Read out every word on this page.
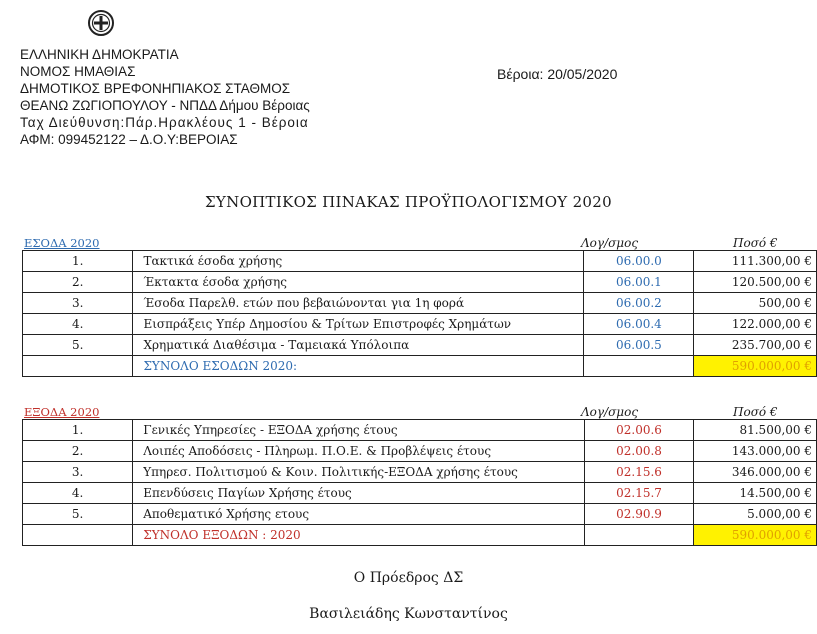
ΕΛΛΗΝΙΚΗ ΔΗΜΟΚΡΑΤΙΑ
ΝΟΜΟΣ ΗΜΑΘΙΑΣ
ΔΗΜΟΤΙΚΟΣ ΒΡΕΦΟΝΗΠΙΑΚΟΣ ΣΤΑΘΜΟΣ
ΘΕΑΝΩ ΖΩΓΙΟΠΟΥΛΟΥ - ΝΠΔΔ Δήμου Βέροιας
Ταχ Διεύθυνση:Πάρ.Ηρακλέους 1 - Βέροια
ΑΦΜ: 099452122 – Δ.Ο.Υ:ΒΕΡΟΙΑΣ
Βέροια: 20/05/2020
ΣΥΝΟΠΤΙΚΟΣ ΠΙΝΑΚΑΣ ΠΡΟΫΠΟΛΟΓΙΣΜΟΥ 2020
ΕΣΟΔΑ 2020	Λογ/σμος	Ποσό €
1.	Τακτικά έσοδα χρήσης	06.00.0	111.300,00 €
2.	Έκτακτα έσοδα χρήσης	06.00.1	120.500,00 €
3.	Έσοδα Παρελθ. ετών που βεβαιώνονται για 1η φορά	06.00.2	500,00 €
4.	Εισπράξεις Υπέρ Δημοσίου & Τρίτων Επιστροφές Χρημάτων	06.00.4	122.000,00 €
5.	Χρηματικά Διαθέσιμα - Ταμειακά Υπόλοιπα	06.00.5	235.700,00 €
	ΣΥΝΟΛΟ ΕΣΟΔΩΝ 2020:		590.000,00 €
ΕΞΟΔΑ 2020	Λογ/σμος	Ποσό €
1.	Γενικές Υπηρεσίες - ΕΞΟΔΑ χρήσης έτους	02.00.6	81.500,00 €
2.	Λοιπές Αποδόσεις - Πληρωμ. Π.Ο.Ε. & Προβλέψεις έτους	02.00.8	143.000,00 €
3.	Υπηρεσ. Πολιτισμού & Κοιν. Πολιτικής-ΕΞΟΔΑ χρήσης έτους	02.15.6	346.000,00 €
4.	Επενδύσεις Παγίων Χρήσης έτους	02.15.7	14.500,00 €
5.	Αποθεματικό Χρήσης ετους	02.90.9	5.000,00 €
	ΣΥΝΟΛΟ ΕΞΟΔΩΝ : 2020		590.000,00 €
Ο Πρόεδρος ΔΣ
Βασιλειάδης Κωνσταντίνος
